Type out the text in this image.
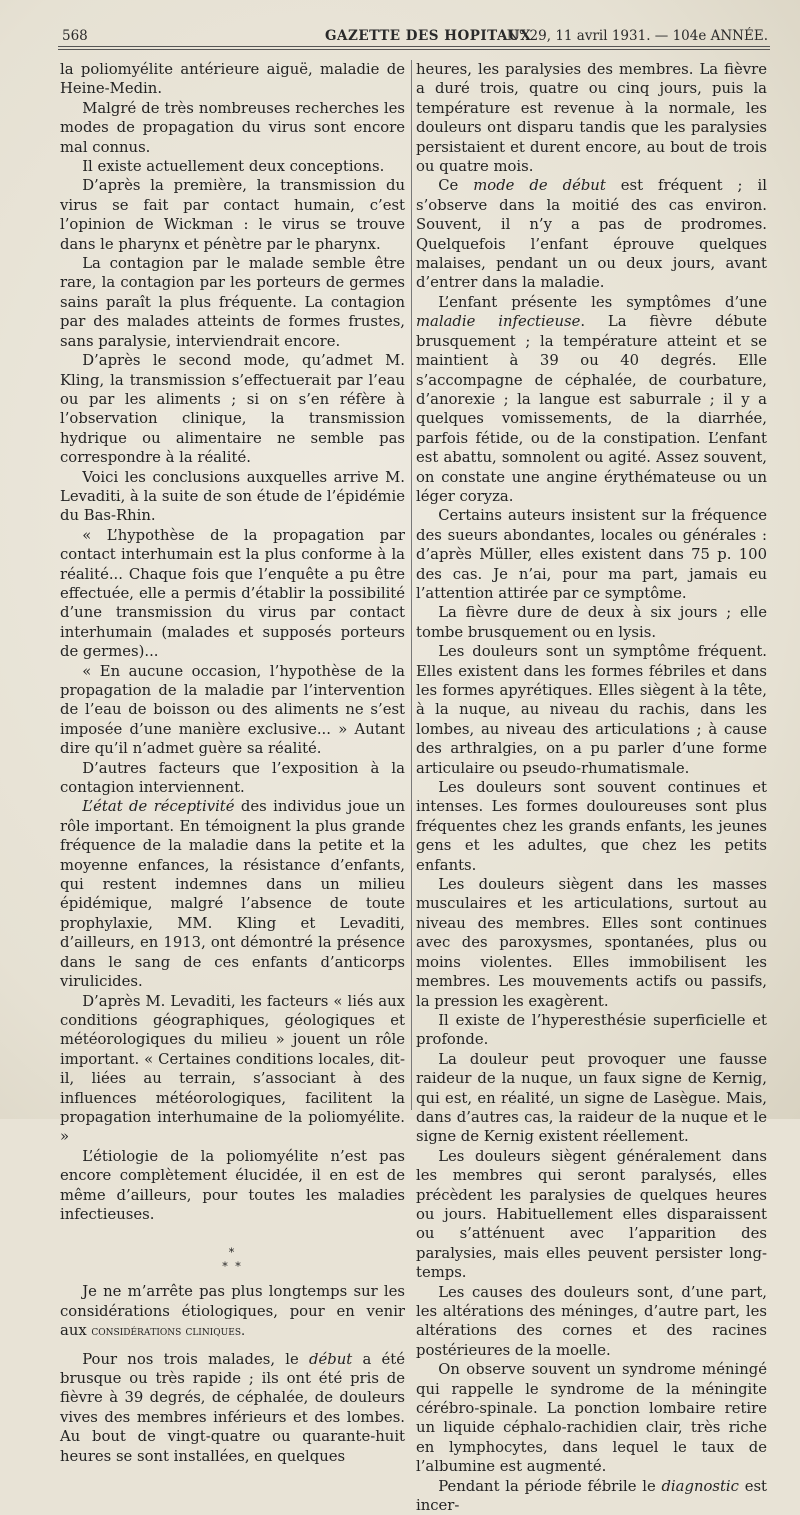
568	GAZETTE DES HOPITAUX
N° 29, 11 avril 1931. — 104e ANNÉE.

la poliomyélite antérieure aiguë, maladie de Heine-Medin.

Malgré de très nombreuses recherches les modes de propagation du virus sont encore mal connus.

Il existe actuellement deux conceptions.

D’après la première, la transmission du virus se fait par contact humain, c’est l’opinion de Wickman : le virus se trouve dans le pharynx et pénètre par le pharynx.

La contagion par le malade semble être rare, la contagion par les porteurs de germes sains paraît la plus fréquente. La contagion par des malades atteints de formes frustes, sans paralysie, interviendrait encore.

D’après le second mode, qu’admet M. Kling, la transmission s’effectuerait par l’eau ou par les aliments ; si on s’en réfère à l’observation clinique, la transmission hydrique ou alimentaire ne semble pas correspondre à la réalité.

Voici les conclusions auxquelles arrive M. Levaditi, à la suite de son étude de l’épidémie du Bas-Rhin.

« L’hypothèse de la propagation par contact interhumain est la plus conforme à la réalité... Chaque fois que l’enquête a pu être effectuée, elle a permis d’établir la possibilité d’une transmission du virus par contact interhumain (malades et supposés porteurs de germes)...

« En aucune occasion, l’hypothèse de la propagation de la maladie par l’intervention de l’eau de boisson ou des aliments ne s’est imposée d’une manière exclusive... » Autant dire qu’il n’admet guère sa réalité.

D’autres facteurs que l’exposition à la contagion interviennent.

L’état de réceptivité des individus joue un rôle important. En témoignent la plus grande fréquence de la maladie dans la petite et la moyenne enfances, la résistance d’enfants, qui restent indemnes dans un milieu épidémique, malgré l’absence de toute prophylaxie, MM. Kling et Levaditi, d’ailleurs, en 1913, ont démontré la présence dans le sang de ces enfants d’anticorps virulicides.

D’après M. Levaditi, les facteurs « liés aux conditions géographiques, géologiques et météorologiques du milieu » jouent un rôle important. « Certaines conditions locales, dit-il, liées au terrain, s’associant à des influences météorologiques, facilitent la propagation interhumaine de la poliomyélite. »

L’étiologie de la poliomyélite n’est pas encore complètement élucidée, il en est de même d’ailleurs, pour toutes les maladies infectieuses.

*
* *

Je ne m’arrête pas plus longtemps sur les considérations étiologiques, pour en venir aux considérations cliniques.

Pour nos trois malades, le début a été brusque ou très rapide ; ils ont été pris de fièvre à 39 degrés, de céphalée, de douleurs vives des membres inférieurs et des lombes. Au bout de vingt-quatre ou quarante-huit heures se sont installées, en quelques

heures, les paralysies des membres. La fièvre a duré trois, quatre ou cinq jours, puis la température est revenue à la normale, les douleurs ont disparu tandis que les paralysies persistaient et durent encore, au bout de trois ou quatre mois.

Ce mode de début est fréquent ; il s’observe dans la moitié des cas environ. Souvent, il n’y a pas de prodromes. Quelquefois l’enfant éprouve quelques malaises, pendant un ou deux jours, avant d’entrer dans la maladie.

L’enfant présente les symptômes d’une maladie infectieuse. La fièvre débute brusquement ; la température atteint et se maintient à 39 ou 40 degrés. Elle s’accompagne de céphalée, de courbature, d’anorexie ; la langue est saburrale ; il y a quelques vomissements, de la diarrhée, parfois fétide, ou de la constipation. L’enfant est abattu, somnolent ou agité. Assez souvent, on constate une angine érythémateuse ou un léger coryza.

Certains auteurs insistent sur la fréquence des sueurs abondantes, locales ou générales : d’après Müller, elles existent dans 75 p. 100 des cas. Je n’ai, pour ma part, jamais eu l’attention attirée par ce symptôme.

La fièvre dure de deux à six jours ; elle tombe brusquement ou en lysis.

Les douleurs sont un symptôme fréquent. Elles existent dans les formes fébriles et dans les formes apyrétiques. Elles siègent à la tête, à la nuque, au niveau du rachis, dans les lombes, au niveau des articulations ; à cause des arthralgies, on a pu parler d’une forme articulaire ou pseudo-rhumatismale.

Les douleurs sont souvent continues et intenses. Les formes douloureuses sont plus fréquentes chez les grands enfants, les jeunes gens et les adultes, que chez les petits enfants.

Les douleurs siègent dans les masses musculaires et les articulations, surtout au niveau des membres. Elles sont continues avec des paroxysmes, spontanées, plus ou moins violentes. Elles immobilisent les membres. Les mouvements actifs ou passifs, la pression les exagèrent.

Il existe de l’hyperesthésie superficielle et profonde.

La douleur peut provoquer une fausse raideur de la nuque, un faux signe de Kernig, qui est, en réalité, un signe de Lasègue. Mais, dans d’autres cas, la raideur de la nuque et le signe de Kernig existent réellement.

Les douleurs siègent généralement dans les membres qui seront paralysés, elles précèdent les paralysies de quelques heures ou jours. Habituellement elles disparaissent ou s’atténuent avec l’apparition des paralysies, mais elles peuvent persister longtemps.

Les causes des douleurs sont, d’une part, les altérations des méninges, d’autre part, les altérations des cornes et des racines postérieures de la moelle.

On observe souvent un syndrome méningé qui rappelle le syndrome de la méningite cérébro-spinale. La ponction lombaire retire un liquide céphalo-rachidien clair, très riche en lymphocytes, dans lequel le taux de l’albumine est augmenté.

Pendant la période fébrile le diagnostic est incer-
